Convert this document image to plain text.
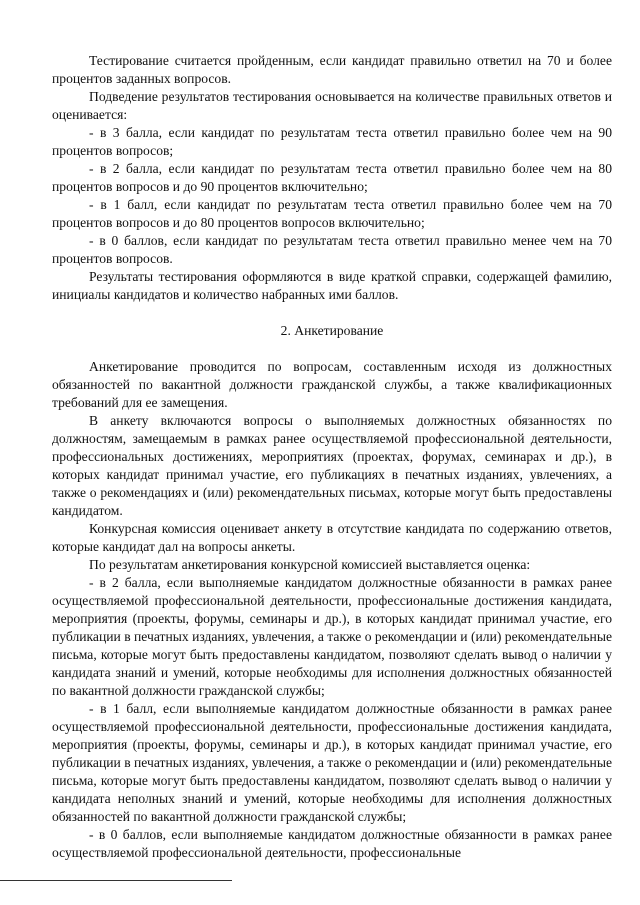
Тестирование считается пройденным, если кандидат правильно ответил на 70 и более процентов заданных вопросов.

Подведение результатов тестирования основывается на количестве правильных ответов и оценивается:

- в 3 балла, если кандидат по результатам теста ответил правильно более чем на 90 процентов вопросов;

- в 2 балла, если кандидат по результатам теста ответил правильно более чем на 80 процентов вопросов и до 90 процентов включительно;

- в 1 балл, если кандидат по результатам теста ответил правильно более чем на 70 процентов вопросов и до 80 процентов вопросов включительно;

- в 0 баллов, если кандидат по результатам теста ответил правильно менее чем на 70 процентов вопросов.

Результаты тестирования оформляются в виде краткой справки, содержащей фамилию, инициалы кандидатов и количество набранных ими баллов.

2. Анкетирование

Анкетирование проводится по вопросам, составленным исходя из должностных обязанностей по вакантной должности гражданской службы, а также квалификационных требований для ее замещения.

В анкету включаются вопросы о выполняемых должностных обязанностях по должностям, замещаемым в рамках ранее осуществляемой профессиональной деятельности, профессиональных достижениях, мероприятиях (проектах, форумах, семинарах и др.), в которых кандидат принимал участие, его публикациях в печатных изданиях, увлечениях, а также о рекомендациях и (или) рекомендательных письмах, которые могут быть предоставлены кандидатом.

Конкурсная комиссия оценивает анкету в отсутствие кандидата по содержанию ответов, которые кандидат дал на вопросы анкеты.

По результатам анкетирования конкурсной комиссией выставляется оценка:

- в 2 балла, если выполняемые кандидатом должностные обязанности в рамках ранее осуществляемой профессиональной деятельности, профессиональные достижения кандидата, мероприятия (проекты, форумы, семинары и др.), в которых кандидат принимал участие, его публикации в печатных изданиях, увлечения, а также о рекомендации и (или) рекомендательные письма, которые могут быть предоставлены кандидатом, позволяют сделать вывод о наличии у кандидата знаний и умений, которые необходимы для исполнения должностных обязанностей по вакантной должности гражданской службы;

- в 1 балл, если выполняемые кандидатом должностные обязанности в рамках ранее осуществляемой профессиональной деятельности, профессиональные достижения кандидата, мероприятия (проекты, форумы, семинары и др.), в которых кандидат принимал участие, его публикации в печатных изданиях, увлечения, а также о рекомендации и (или) рекомендательные письма, которые могут быть предоставлены кандидатом, позволяют сделать вывод о наличии у кандидата неполных знаний и умений, которые необходимы для исполнения должностных обязанностей по вакантной должности гражданской службы;

- в 0 баллов, если выполняемые кандидатом должностные обязанности в рамках ранее осуществляемой профессиональной деятельности, профессиональные
